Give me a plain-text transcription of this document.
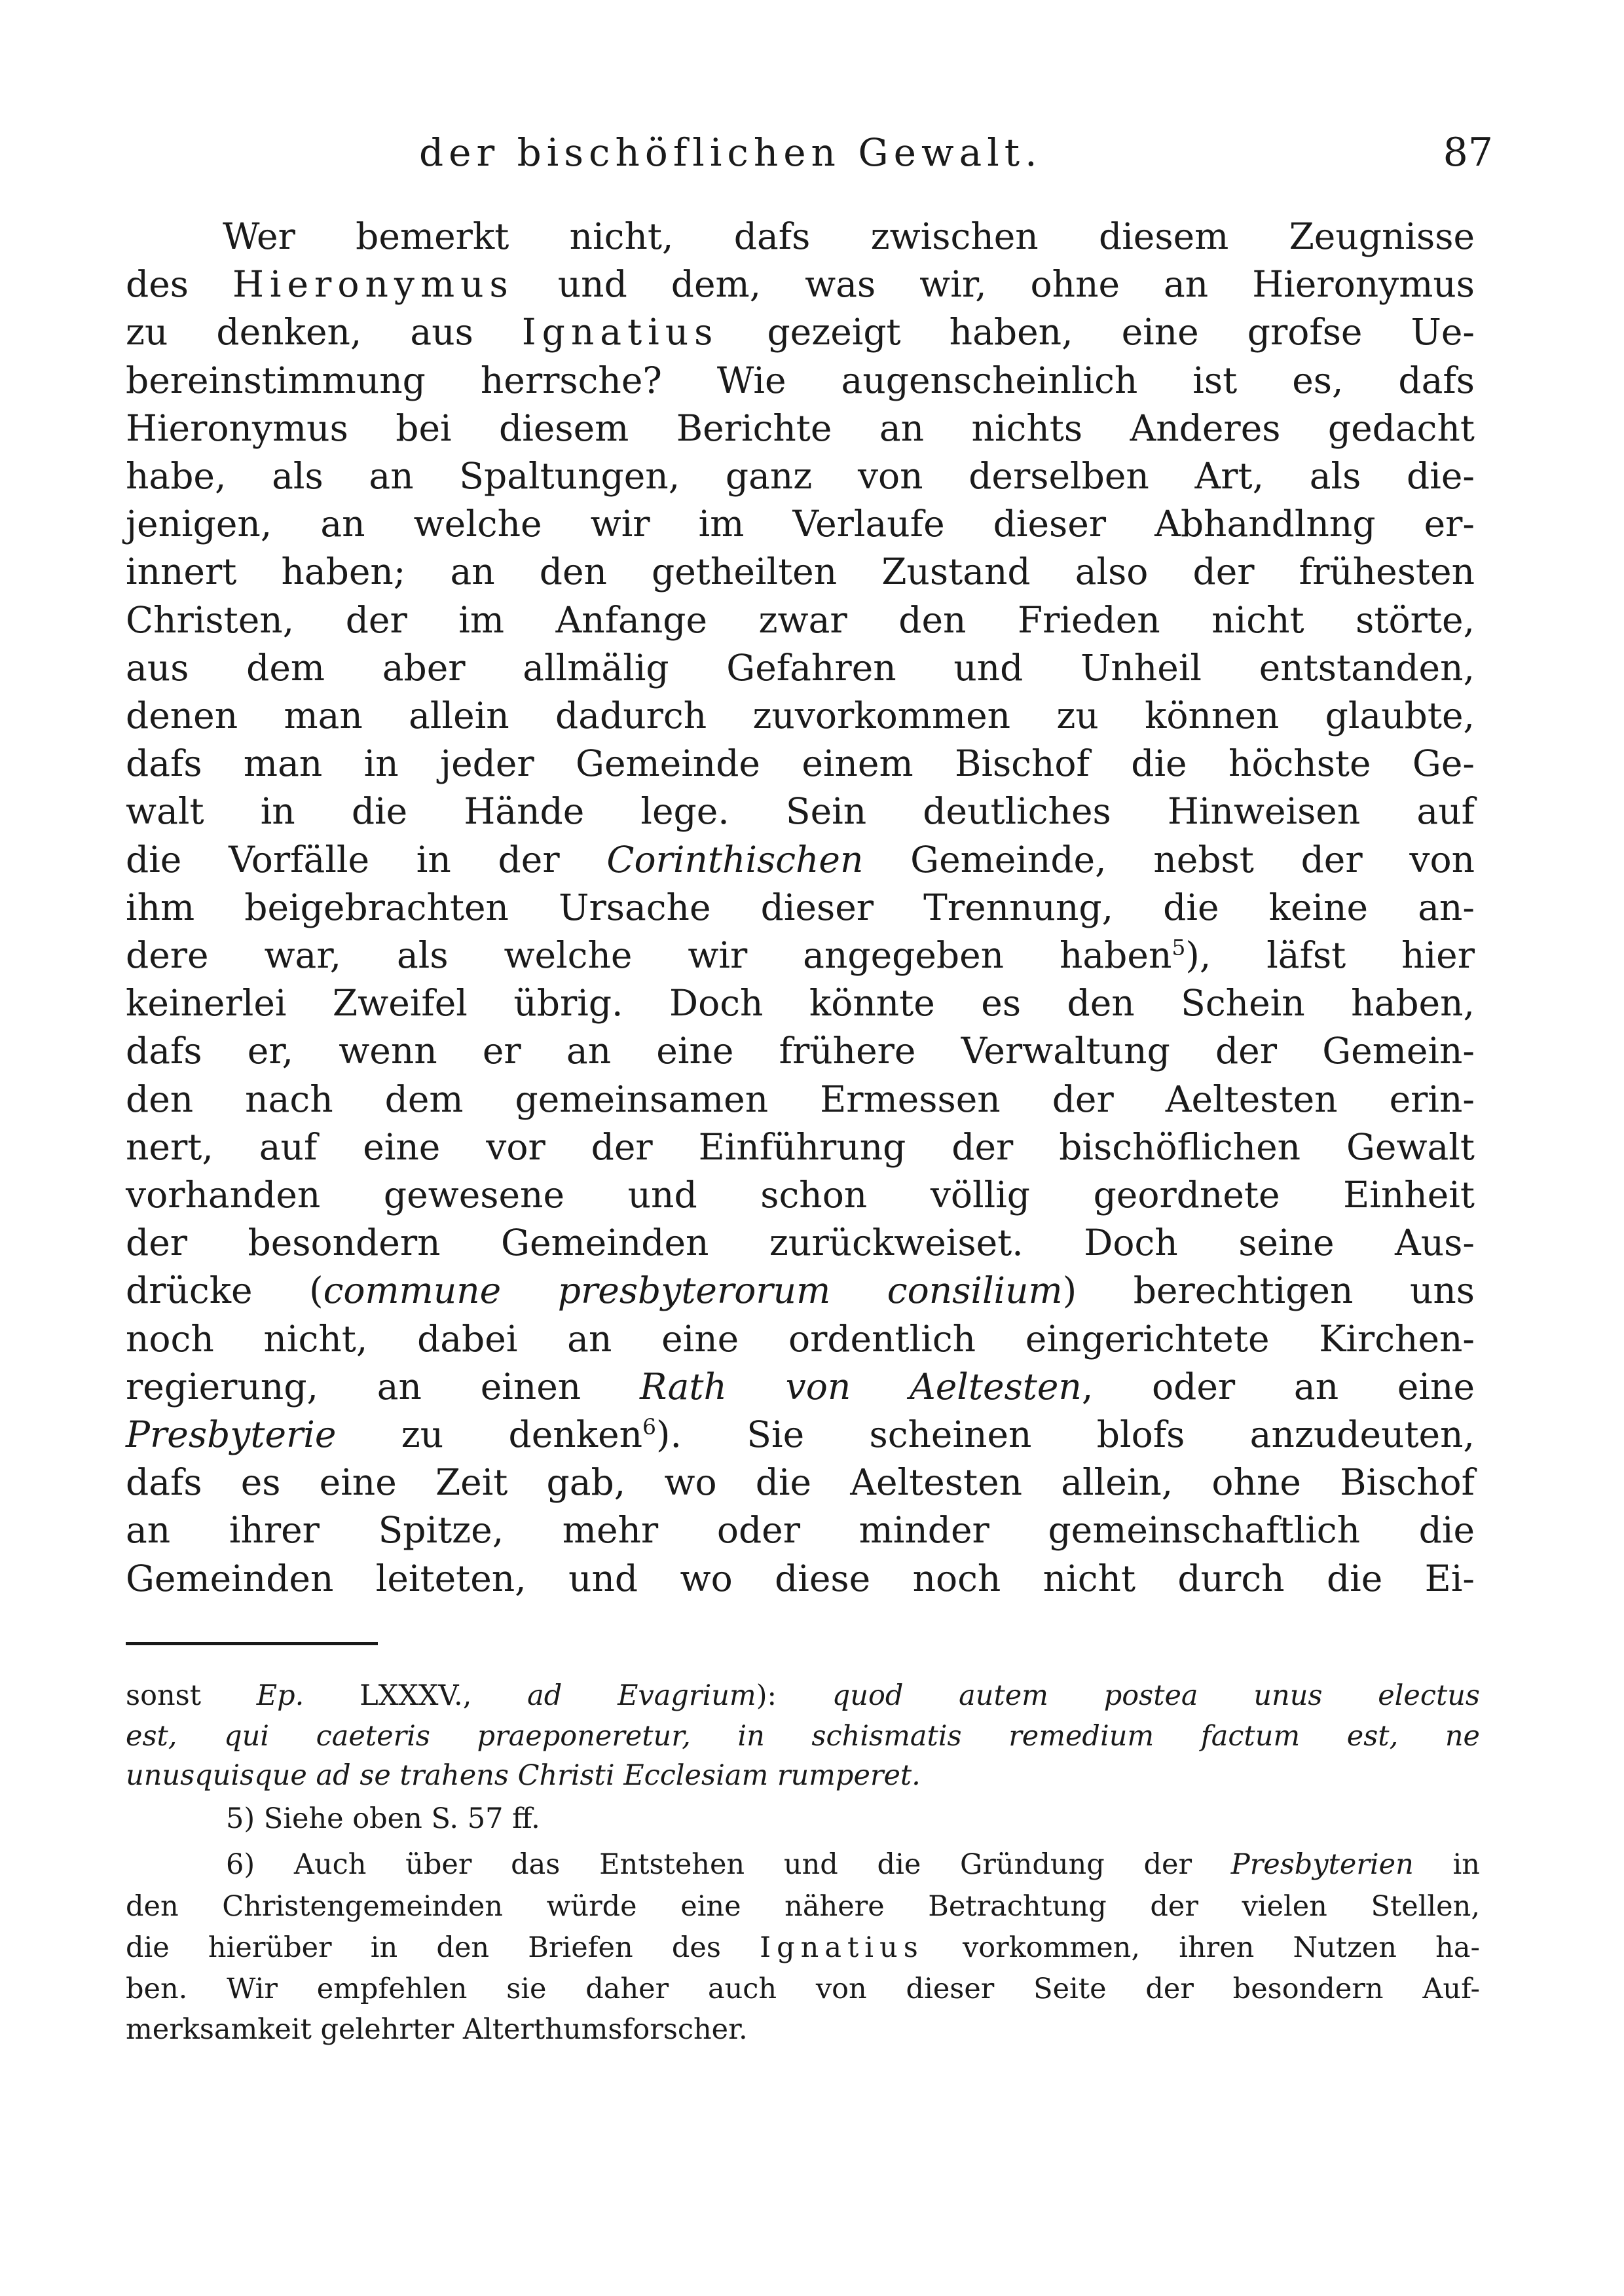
der bischöflichen Gewalt.	87
Wer bemerkt nicht, dafs zwischen diesem Zeugnisse
des Hieronymus und dem, was wir, ohne an Hieronymus
zu denken, aus Ignatius gezeigt haben, eine grofse Ue-
bereinstimmung herrsche? Wie augenscheinlich ist es, dafs
Hieronymus bei diesem Berichte an nichts Anderes gedacht
habe, als an Spaltungen, ganz von derselben Art, als die-
jenigen, an welche wir im Verlaufe dieser Abhandlnng er-
innert haben; an den getheilten Zustand also der frühesten
Christen, der im Anfange zwar den Frieden nicht störte,
aus dem aber allmälig Gefahren und Unheil entstanden,
denen man allein dadurch zuvorkommen zu können glaubte,
dafs man in jeder Gemeinde einem Bischof die höchste Ge-
walt in die Hände lege. Sein deutliches Hinweisen auf
die Vorfälle in der Corinthischen Gemeinde, nebst der von
ihm beigebrachten Ursache dieser Trennung, die keine an-
dere war, als welche wir angegeben haben$^5$), läfst hier
keinerlei Zweifel übrig. Doch könnte es den Schein haben,
dafs er, wenn er an eine frühere Verwaltung der Gemein-
den nach dem gemeinsamen Ermessen der Aeltesten erin-
nert, auf eine vor der Einführung der bischöflichen Gewalt
vorhanden gewesene und schon völlig geordnete Einheit
der besondern Gemeinden zurückweiset. Doch seine Aus-
drücke (commune presbyterorum consilium) berechtigen uns
noch nicht, dabei an eine ordentlich eingerichtete Kirchen-
regierung, an einen Rath von Aeltesten, oder an eine
Presbyterie zu denken$^6$). Sie scheinen blofs anzudeuten,
dafs es eine Zeit gab, wo die Aeltesten allein, ohne Bischof
an ihrer Spitze, mehr oder minder gemeinschaftlich die
Gemeinden leiteten, und wo diese noch nicht durch die Ei-
sonst Ep. LXXXV., ad Evagrium): quod autem postea unus electus
est, qui caeteris praeponeretur, in schismatis remedium factum est, ne
unusquisque ad se trahens Christi Ecclesiam rumperet.
5) Siehe oben S. 57 ff.
6) Auch über das Entstehen und die Gründung der Presbyterien in
den Christengemeinden würde eine nähere Betrachtung der vielen Stellen,
die hierüber in den Briefen des Ignatius vorkommen, ihren Nutzen ha-
ben. Wir empfehlen sie daher auch von dieser Seite der besondern Auf-
merksamkeit gelehrter Alterthumsforscher.
